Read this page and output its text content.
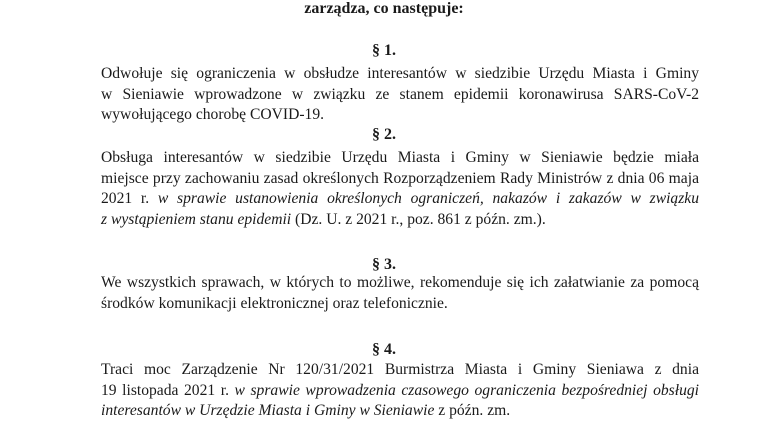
zarządza, co następuje:
§ 1.
Odwołuje się ograniczenia w obsłudze interesantów w siedzibie Urzędu Miasta i Gminy
w Sieniawie wprowadzone w związku ze stanem epidemii koronawirusa SARS-CoV-2
wywołującego chorobę COVID-19.
§ 2.
Obsługa interesantów w siedzibie Urzędu Miasta i Gminy w Sieniawie będzie miała
miejsce przy zachowaniu zasad określonych Rozporządzeniem Rady Ministrów z dnia 06 maja
2021 r. w sprawie ustanowienia określonych ograniczeń, nakazów i zakazów w związku
z wystąpieniem stanu epidemii (Dz. U. z 2021 r., poz. 861 z późn. zm.).
§ 3.
We wszystkich sprawach, w których to możliwe, rekomenduje się ich załatwianie za pomocą
środków komunikacji elektronicznej oraz telefonicznie.
§ 4.
Traci moc Zarządzenie Nr 120/31/2021 Burmistrza Miasta i Gminy Sieniawa z dnia
19 listopada 2021 r. w sprawie wprowadzenia czasowego ograniczenia bezpośredniej obsługi
interesantów w Urzędzie Miasta i Gminy w Sieniawie z późn. zm.
